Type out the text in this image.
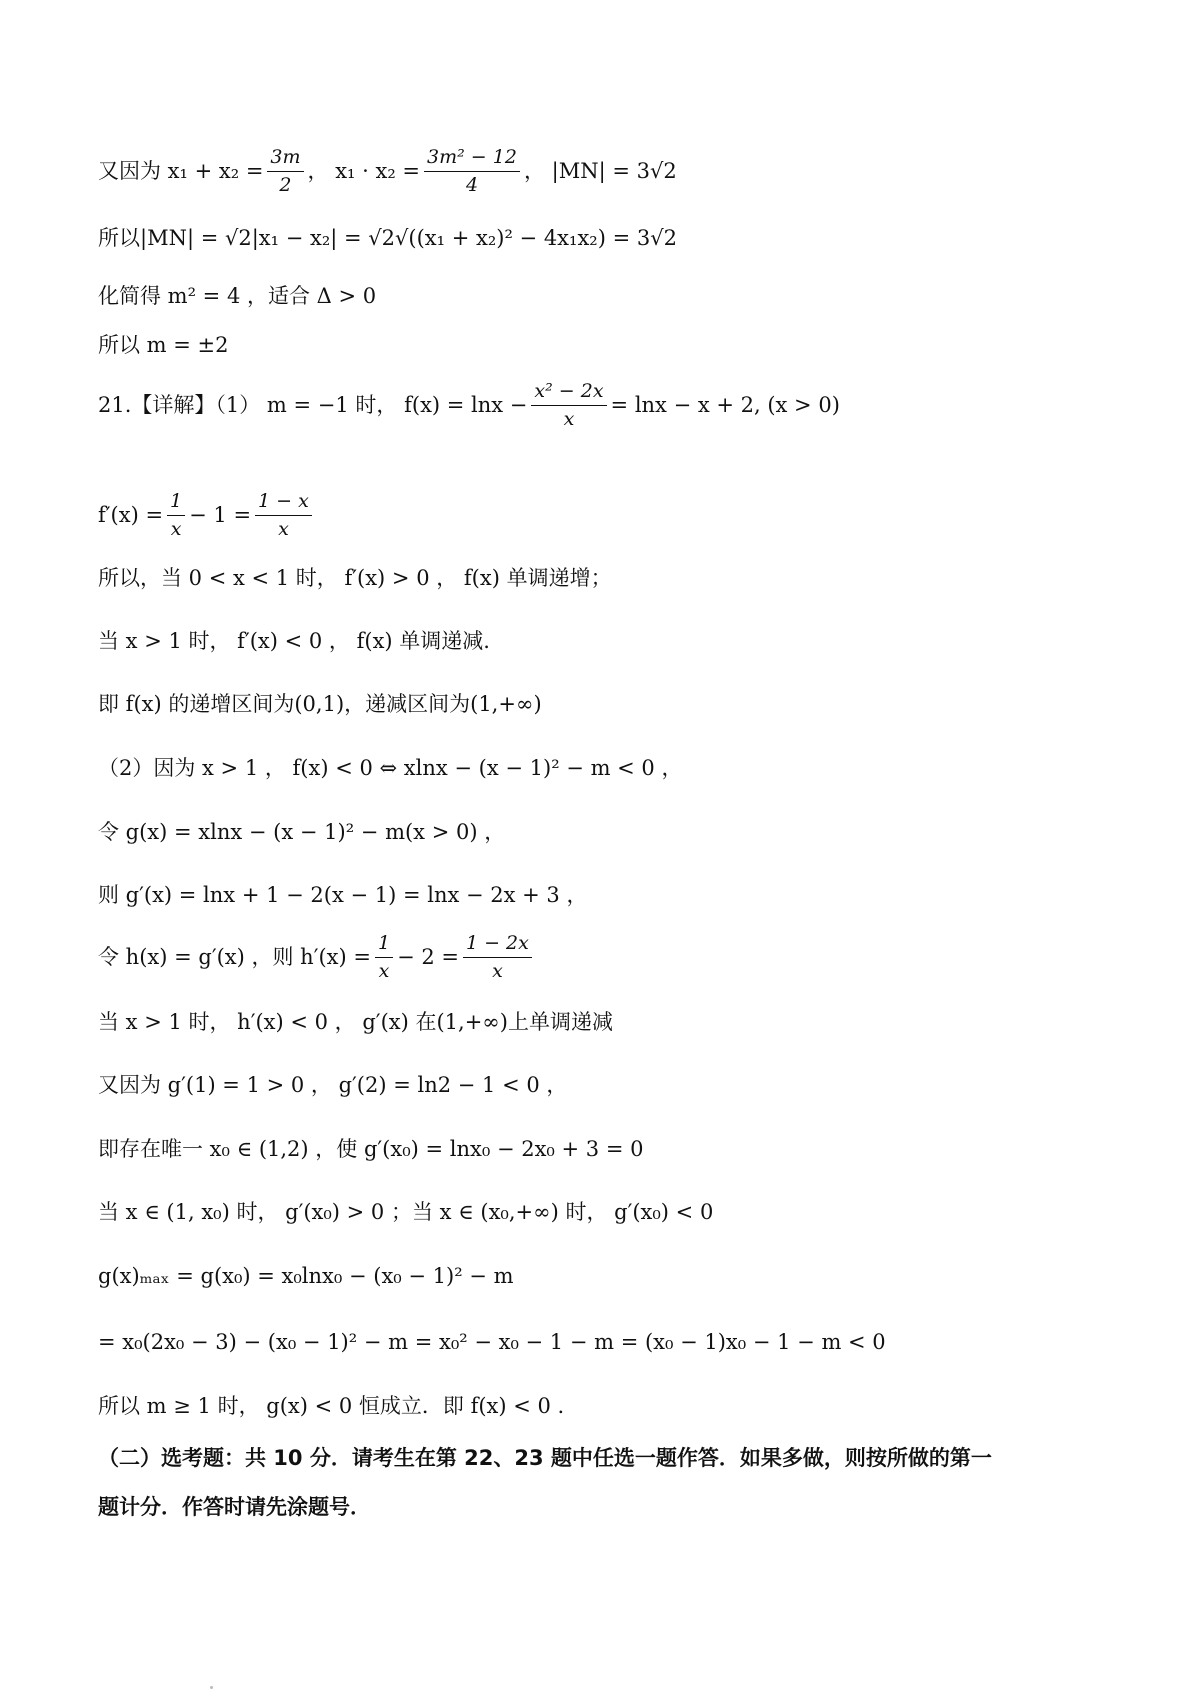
又因为 $x_1 + x_2 = \frac{3m}{2}$ ， $x_1 \cdot x_2 = \frac{\text{3m² − 12}}{4}$ ， |MN| = 3√2
所以|MN| = √2|x₁ − x₂| = √2√((x₁ + x₂)² − 4x₁x₂) = 3√2
化简得 m² = 4 ，适合 Δ > 0
所以 m = ±2
21.【详解】（1） m = −1 时， $f(x) = \ln x - \frac{\text{x² − 2x}}{x} = \ln x - x + 2$, (x > 0)
$f'(x) = \frac{1}{x} - 1 = \frac{1 - x}{x}$
所以，当 0 < x < 1 时， f′(x) > 0 ， f(x) 单调递增；
当 x > 1 时， f′(x) < 0 ， f(x) 单调递减.
即 f(x) 的递增区间为(0,1)，递减区间为(1,+∞)
（2）因为 x > 1 ， f(x) < 0 ⇔ xlnx − (x − 1)² − m < 0 ，
令 g(x) = xlnx − (x − 1)² − m(x > 0) ，
则 g′(x) = lnx + 1 − 2(x − 1) = lnx − 2x + 3 ，
令 h(x) = g′(x) ，则 $h'(x) = \frac{1}{x} - 2 = \frac{1 - 2x}{x}$
当 x > 1 时， h′(x) < 0 ， g′(x) 在(1,+∞)上单调递减
又因为 g′(1) = 1 > 0 ， g′(2) = ln2 − 1 < 0 ，
即存在唯一 x₀ ∈ (1,2) ，使 g′(x₀) = lnx₀ − 2x₀ + 3 = 0
当 x ∈ (1, x₀) 时， g′(x₀) > 0 ；当 x ∈ (x₀,+∞) 时， g′(x₀) < 0
g(x)ₘₐₓ = g(x₀) = x₀lnx₀ − (x₀ − 1)² − m
= x₀(2x₀ − 3) − (x₀ − 1)² − m = x₀² − x₀ − 1 − m = (x₀ − 1)x₀ − 1 − m < 0
所以 m ≥ 1 时， g(x) < 0 恒成立．即 f(x) < 0 .
（二）选考题：共 10 分．请考生在第 22、23 题中任选一题作答．如果多做，则按所做的第一
题计分．作答时请先涂题号．
